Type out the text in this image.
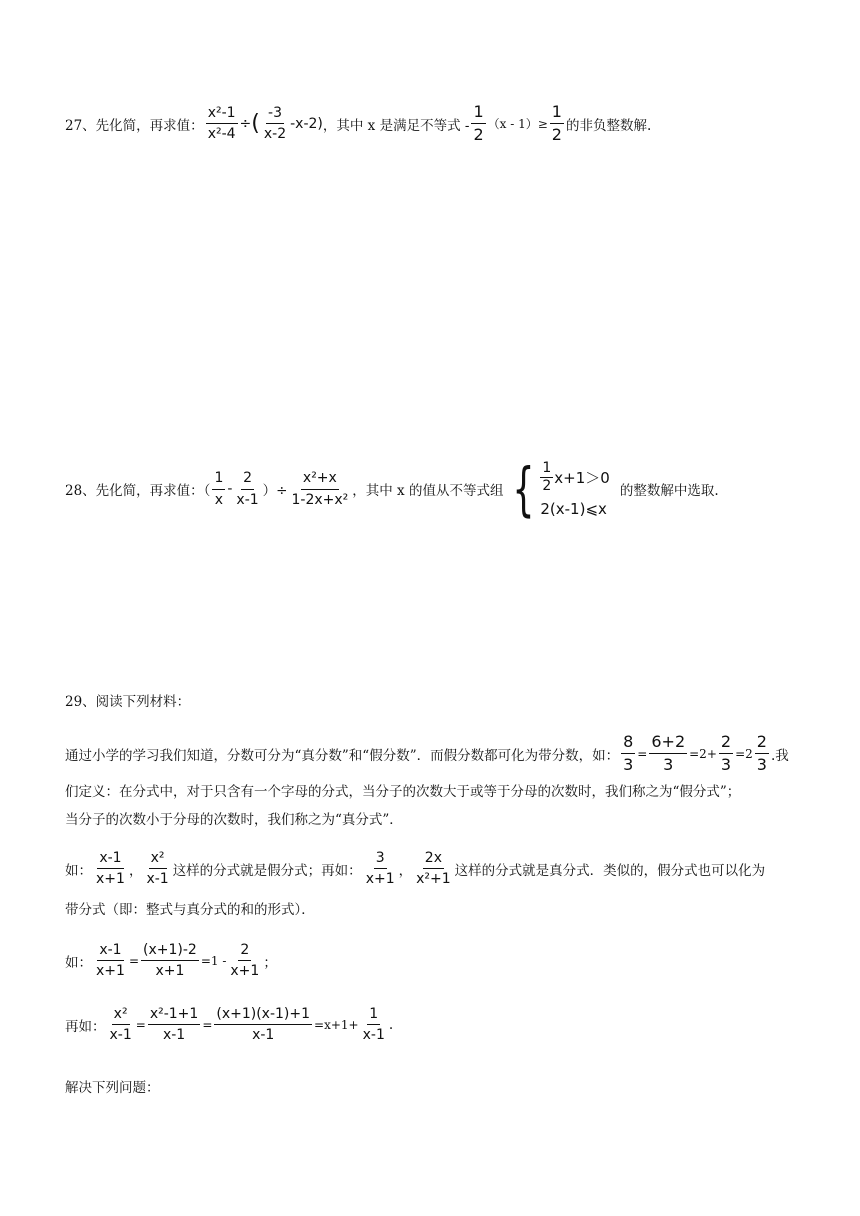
27、先化简，再求值： $\frac{\text{x²-1}}{\text{x²-4}}$ ÷ ( $\frac{-3}{x-2} -x-2$) ，其中 x 是满足不等式 - $\frac{1}{2} (x - 1)\ge \frac{1}{2}$ 的非负整数解.
28、先化简，再求值：（ $\frac{1}{x} - \frac{2}{x-1}$ ）÷ $\frac{\text{x²+x}}{\text{1-2x+x²}}$ ，其中 x 的值从不等式组 { $\frac{1}{2} x+1>0$
2(x-1)⩽x
的整数解中选取.
29、阅读下列材料：
通过小学的学习我们知道，分数可分为“真分数”和“假分数”．而假分数都可化为带分数，如： $\frac{8}{3} = \frac{6+2}{3} =2+ \frac{2}{3} =2 \frac{2}{3}$ .我
们定义：在分式中，对于只含有一个字母的分式，当分子的次数大于或等于分母的次数时，我们称之为“假分式”；
当分子的次数小于分母的次数时，我们称之为“真分式”．
如： $\frac{x-1}{x+1}$ ， $\frac{\text{x²}}{x-1}$ 这样的分式就是假分式；再如： $\frac{3}{x+1}$ ， $\frac{2x}{\text{x²+1}}$ 这样的分式就是真分式．类似的，假分式也可以化为
带分式（即：整式与真分式的和的形式）．
如： $\frac{x-1}{x+1} = \frac{(x+1)-2}{x+1} =1 - \frac{2}{x+1}$ ；
再如： $\frac{\text{x²}}{x-1} = \frac{\text{x²-1+1}}{x-1} = \frac{(x+1)(x-1)+1}{x-1} =x+1+ \frac{1}{x-1}$ .
解决下列问题：
